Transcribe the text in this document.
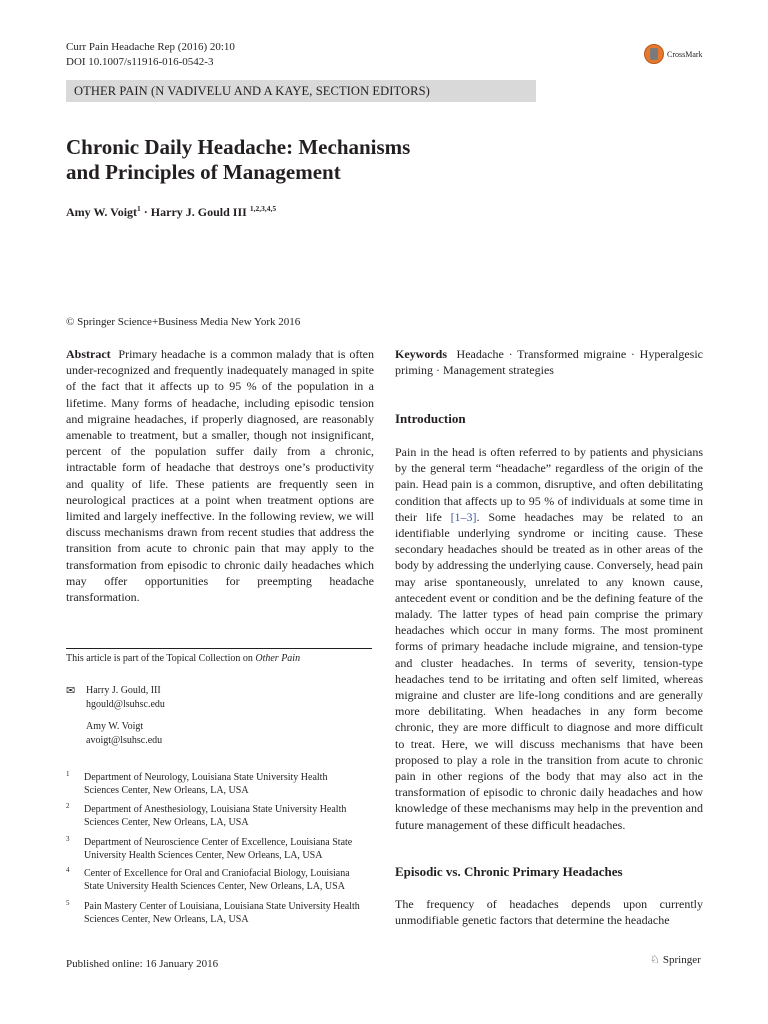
Curr Pain Headache Rep (2016) 20:10
DOI 10.1007/s11916-016-0542-3
CrossMark
OTHER PAIN (N VADIVELU AND A KAYE, SECTION EDITORS)
Chronic Daily Headache: Mechanisms
and Principles of Management
Amy W. Voigt$^1$ · Harry J. Gould III $^{1,2,3,4,5}$
© Springer Science+Business Media New York 2016
Abstract Primary headache is a common malady that is often under-recognized and frequently inadequately managed in spite of the fact that it affects up to 95 % of the population in a lifetime. Many forms of headache, including episodic tension and migraine headaches, if properly diagnosed, are reasonably amenable to treatment, but a smaller, though not insignificant, percent of the population suffer daily from a chronic, intractable form of headache that destroys one’s productivity and quality of life. These patients are frequently seen in neurological practices at a point when treatment options are limited and largely ineffective. In the following review, we will discuss mechanisms drawn from recent studies that address the transition from acute to chronic pain that may apply to the transformation from episodic to chronic daily headaches which may offer opportunities for preempting headache transformation.
This article is part of the Topical Collection on Other Pain
✉ Harry J. Gould, III
hgould@lsuhsc.edu
Amy W. Voigt
avoigt@lsuhsc.edu
1 Department of Neurology, Louisiana State University Health
Sciences Center, New Orleans, LA, USA
2 Department of Anesthesiology, Louisiana State University Health
Sciences Center, New Orleans, LA, USA
3 Department of Neuroscience Center of Excellence, Louisiana State
University Health Sciences Center, New Orleans, LA, USA
4 Center of Excellence for Oral and Craniofacial Biology, Louisiana
State University Health Sciences Center, New Orleans, LA, USA
5 Pain Mastery Center of Louisiana, Louisiana State University Health
Sciences Center, New Orleans, LA, USA
Keywords Headache · Transformed migraine · Hyperalgesic priming · Management strategies
Introduction
Pain in the head is often referred to by patients and physicians by the general term “headache” regardless of the origin of the pain. Head pain is a common, disruptive, and often debilitating condition that affects up to 95 % of individuals at some time in their life [1–3]. Some headaches may be related to an identifiable underlying syndrome or inciting cause. These secondary headaches should be treated as in other areas of the body by addressing the underlying cause. Conversely, head pain may arise spontaneously, unrelated to any known cause, antecedent event or condition and be the defining feature of the malady. The latter types of head pain comprise the primary headaches which occur in many forms. The most prominent forms of primary headache include migraine, and tension-type and cluster headaches. In terms of severity, tension-type headaches tend to be irritating and often self limited, whereas migraine and cluster are life-long conditions and are generally more debilitating. When headaches in any form become chronic, they are more difficult to diagnose and more difficult to treat. Here, we will discuss mechanisms that have been proposed to play a role in the transition from acute to chronic pain in other regions of the body that may also act in the transformation of episodic to chronic daily headaches and how knowledge of these mechanisms may help in the prevention and future management of these difficult headaches.
Episodic vs. Chronic Primary Headaches
The frequency of headaches depends upon currently unmodifiable genetic factors that determine the headache
Published online: 16 January 2016	♘ Springer
